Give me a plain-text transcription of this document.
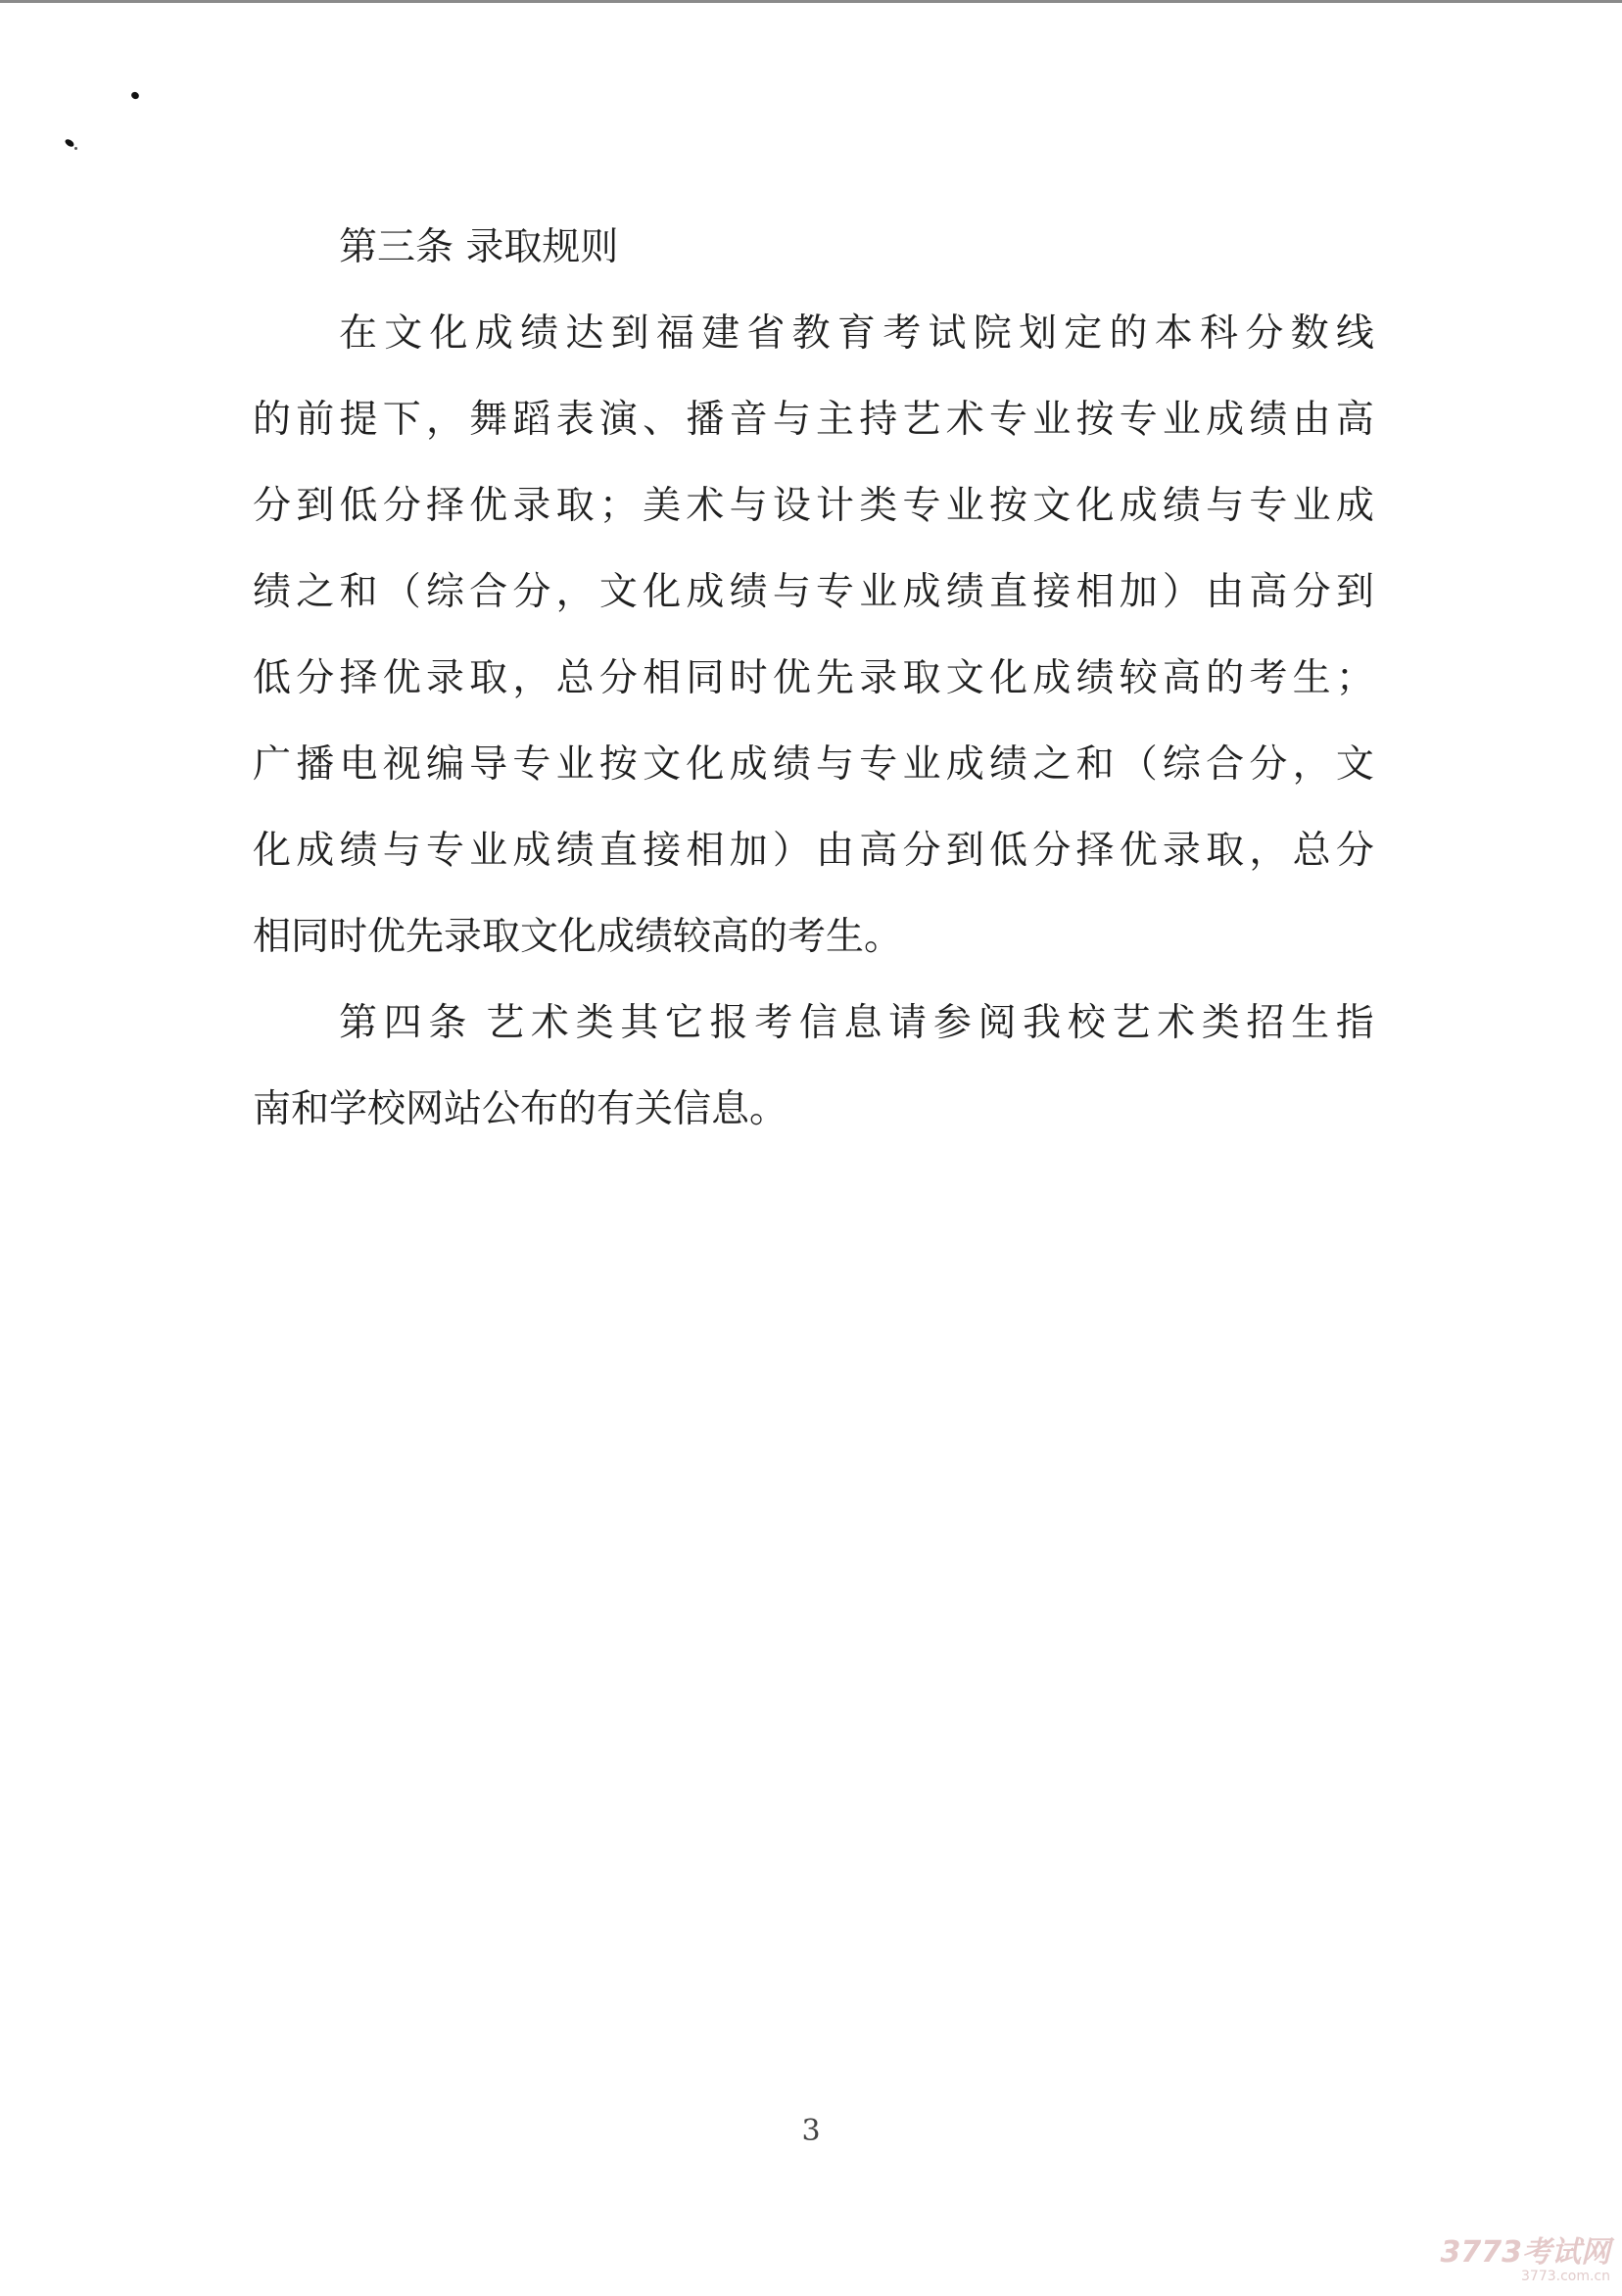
第三条 录取规则
在 文 化 成 绩 达 到 福 建 省 教 育 考 试 院 划 定 的 本 科 分 数 线
的 前 提 下 ， 舞 蹈 表 演 、 播 音 与 主 持 艺 术 专 业 按 专 业 成 绩 由 高
分 到 低 分 择 优 录 取 ； 美 术 与 设 计 类 专 业 按 文 化 成 绩 与 专 业 成
绩 之 和 （ 综 合 分 ， 文 化 成 绩 与 专 业 成 绩 直 接 相 加 ） 由 高 分 到
低 分 择 优 录 取 ， 总 分 相 同 时 优 先 录 取 文 化 成 绩 较 高 的 考 生 ；
广 播 电 视 编 导 专 业 按 文 化 成 绩 与 专 业 成 绩 之 和 （ 综 合 分 ， 文
化 成 绩 与 专 业 成 绩 直 接 相 加 ） 由 高 分 到 低 分 择 优 录 取 ， 总 分
相同时优先录取文化成绩较高的考生。
第 四 条 艺 术 类 其 它 报 考 信 息 请 参 阅 我 校 艺 术 类 招 生 指
南和学校网站公布的有关信息。
3
3773考试网
3773.com.cn
